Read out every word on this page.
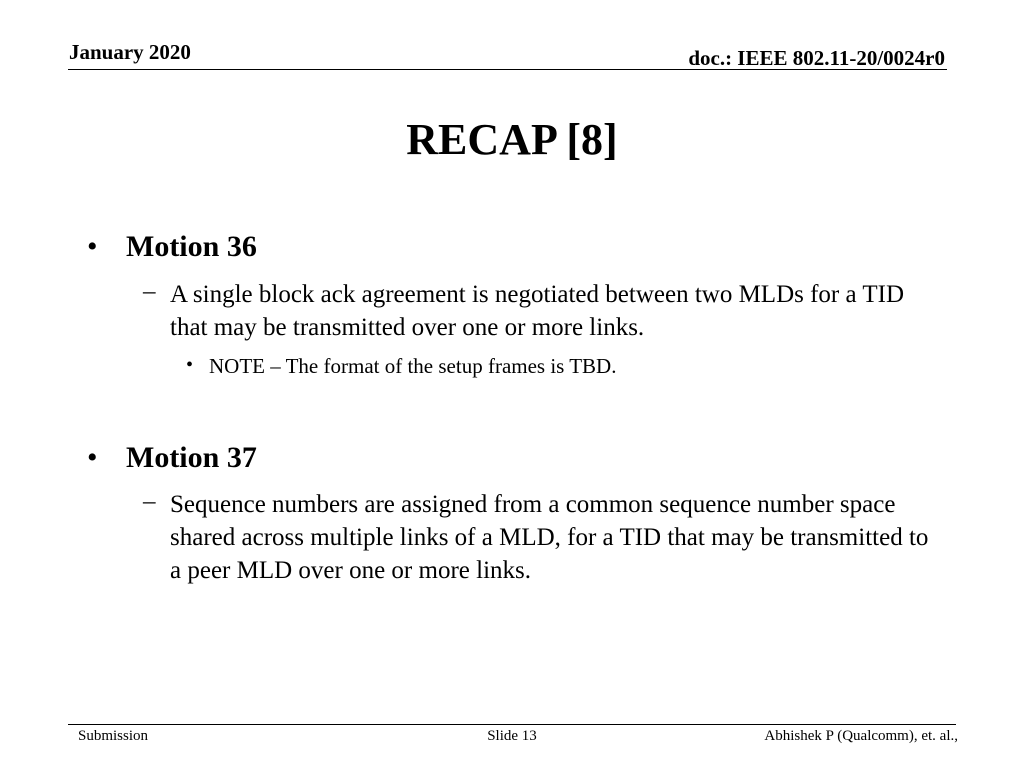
January 2020	doc.: IEEE 802.11-20/0024r0
RECAP [8]
• Motion 36
– A single block ack agreement is negotiated between two MLDs for a TID that may be transmitted over one or more links.
• NOTE – The format of the setup frames is TBD.
• Motion 37
– Sequence numbers are assigned from a common sequence number space shared across multiple links of a MLD, for a TID that may be transmitted to a peer MLD over one or more links.
Submission	Slide 13	Abhishek P (Qualcomm), et. al.,
